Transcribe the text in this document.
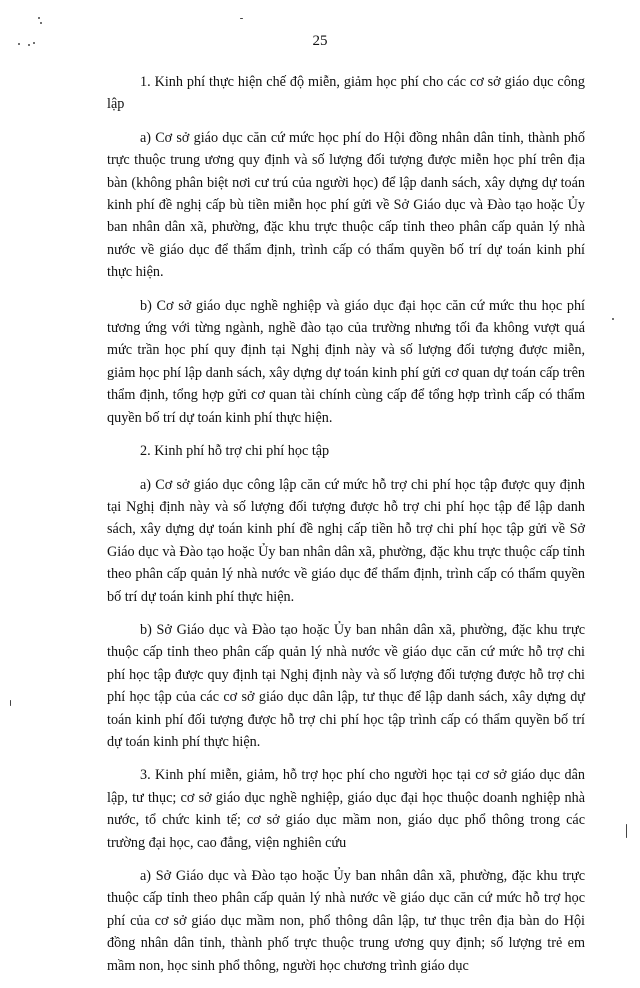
25

1. Kinh phí thực hiện chế độ miễn, giảm học phí cho các cơ sở giáo dục công lập

a) Cơ sở giáo dục căn cứ mức học phí do Hội đồng nhân dân tỉnh, thành phố trực thuộc trung ương quy định và số lượng đối tượng được miễn học phí trên địa bàn (không phân biệt nơi cư trú của người học) để lập danh sách, xây dựng dự toán kinh phí đề nghị cấp bù tiền miễn học phí gửi về Sở Giáo dục và Đào tạo hoặc Ủy ban nhân dân xã, phường, đặc khu trực thuộc cấp tỉnh theo phân cấp quản lý nhà nước về giáo dục để thẩm định, trình cấp có thẩm quyền bố trí dự toán kinh phí thực hiện.

b) Cơ sở giáo dục nghề nghiệp và giáo dục đại học căn cứ mức thu học phí tương ứng với từng ngành, nghề đào tạo của trường nhưng tối đa không vượt quá mức trần học phí quy định tại Nghị định này và số lượng đối tượng được miễn, giảm học phí lập danh sách, xây dựng dự toán kinh phí gửi cơ quan dự toán cấp trên thẩm định, tổng hợp gửi cơ quan tài chính cùng cấp để tổng hợp trình cấp có thẩm quyền bố trí dự toán kinh phí thực hiện.

2. Kinh phí hỗ trợ chi phí học tập

a) Cơ sở giáo dục công lập căn cứ mức hỗ trợ chi phí học tập được quy định tại Nghị định này và số lượng đối tượng được hỗ trợ chi phí học tập để lập danh sách, xây dựng dự toán kinh phí đề nghị cấp tiền hỗ trợ chi phí học tập gửi về Sở Giáo dục và Đào tạo hoặc Ủy ban nhân dân xã, phường, đặc khu trực thuộc cấp tỉnh theo phân cấp quản lý nhà nước về giáo dục để thẩm định, trình cấp có thẩm quyền bố trí dự toán kinh phí thực hiện.

b) Sở Giáo dục và Đào tạo hoặc Ủy ban nhân dân xã, phường, đặc khu trực thuộc cấp tỉnh theo phân cấp quản lý nhà nước về giáo dục căn cứ mức hỗ trợ chi phí học tập được quy định tại Nghị định này và số lượng đối tượng được hỗ trợ chi phí học tập của các cơ sở giáo dục dân lập, tư thục để lập danh sách, xây dựng dự toán kinh phí đối tượng được hỗ trợ chi phí học tập trình cấp có thẩm quyền bố trí dự toán kinh phí thực hiện.

3. Kinh phí miễn, giảm, hỗ trợ học phí cho người học tại cơ sở giáo dục dân lập, tư thục; cơ sở giáo dục nghề nghiệp, giáo dục đại học thuộc doanh nghiệp nhà nước, tổ chức kinh tế; cơ sở giáo dục mầm non, giáo dục phổ thông trong các trường đại học, cao đẳng, viện nghiên cứu

a) Sở Giáo dục và Đào tạo hoặc Ủy ban nhân dân xã, phường, đặc khu trực thuộc cấp tỉnh theo phân cấp quản lý nhà nước về giáo dục căn cứ mức hỗ trợ học phí của cơ sở giáo dục mầm non, phổ thông dân lập, tư thục trên địa bàn do Hội đồng nhân dân tỉnh, thành phố trực thuộc trung ương quy định; số lượng trẻ em mầm non, học sinh phổ thông, người học chương trình giáo dục
